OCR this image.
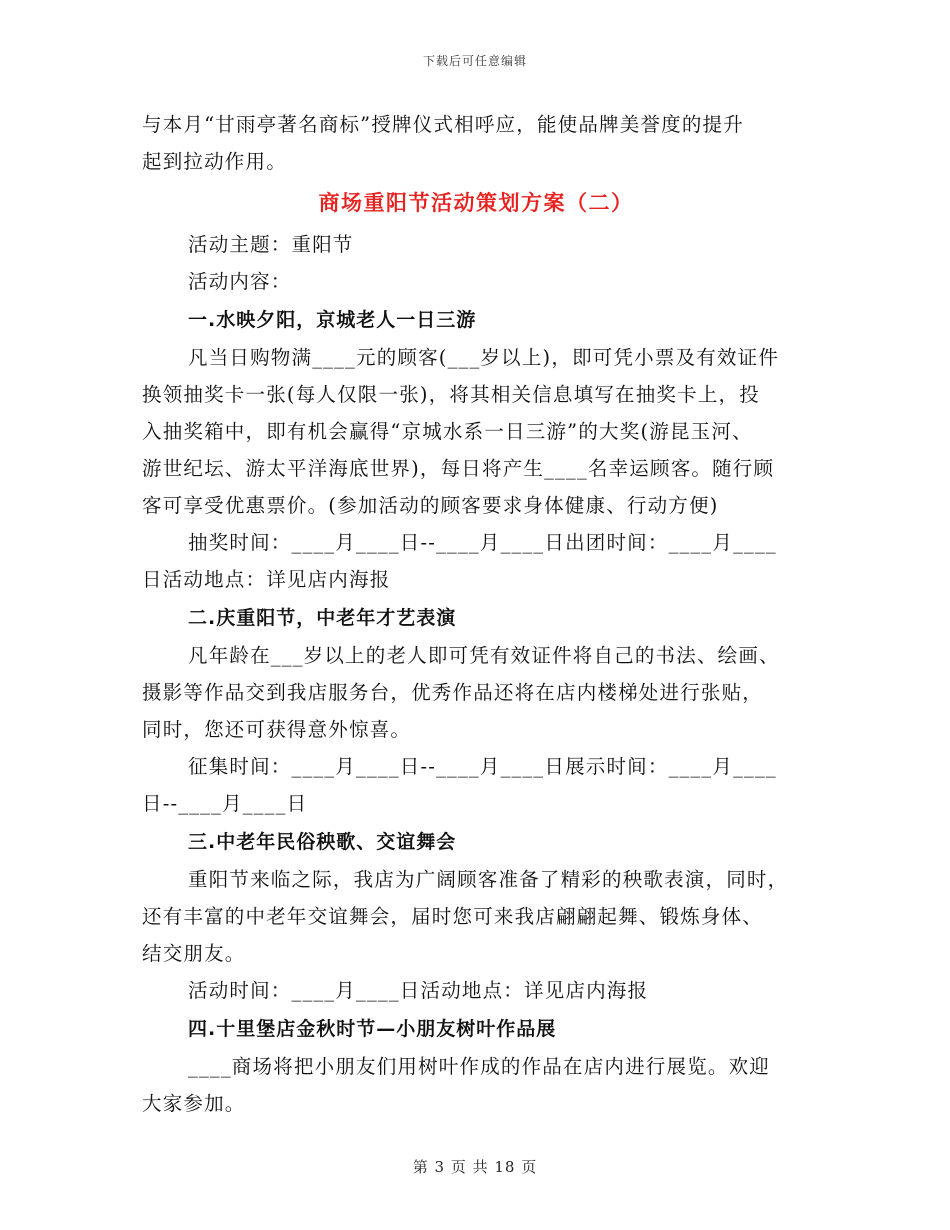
下载后可任意编辑
与本月“甘雨亭著名商标”授牌仪式相呼应，能使品牌美誉度的提升
起到拉动作用。
商场重阳节活动策划方案（二）
活动主题：重阳节
活动内容：
一.水映夕阳，京城老人一日三游
凡当日购物满____元的顾客(___岁以上)，即可凭小票及有效证件
换领抽奖卡一张(每人仅限一张)，将其相关信息填写在抽奖卡上，投
入抽奖箱中，即有机会赢得“京城水系一日三游”的大奖(游昆玉河、
游世纪坛、游太平洋海底世界)，每日将产生____名幸运顾客。随行顾
客可享受优惠票价。(参加活动的顾客要求身体健康、行动方便)
抽奖时间：____月____日--____月____日出团时间：____月____
日活动地点：详见店内海报
二.庆重阳节，中老年才艺表演
凡年龄在___岁以上的老人即可凭有效证件将自己的书法、绘画、
摄影等作品交到我店服务台，优秀作品还将在店内楼梯处进行张贴，
同时，您还可获得意外惊喜。
征集时间：____月____日--____月____日展示时间：____月____
日--____月____日
三.中老年民俗秧歌、交谊舞会
重阳节来临之际，我店为广阔顾客准备了精彩的秧歌表演，同时，
还有丰富的中老年交谊舞会，届时您可来我店翩翩起舞、锻炼身体、
结交朋友。
活动时间：____月____日活动地点：详见店内海报
四.十里堡店金秋时节—小朋友树叶作品展
____商场将把小朋友们用树叶作成的作品在店内进行展览。欢迎
大家参加。
第 3 页 共 18 页
